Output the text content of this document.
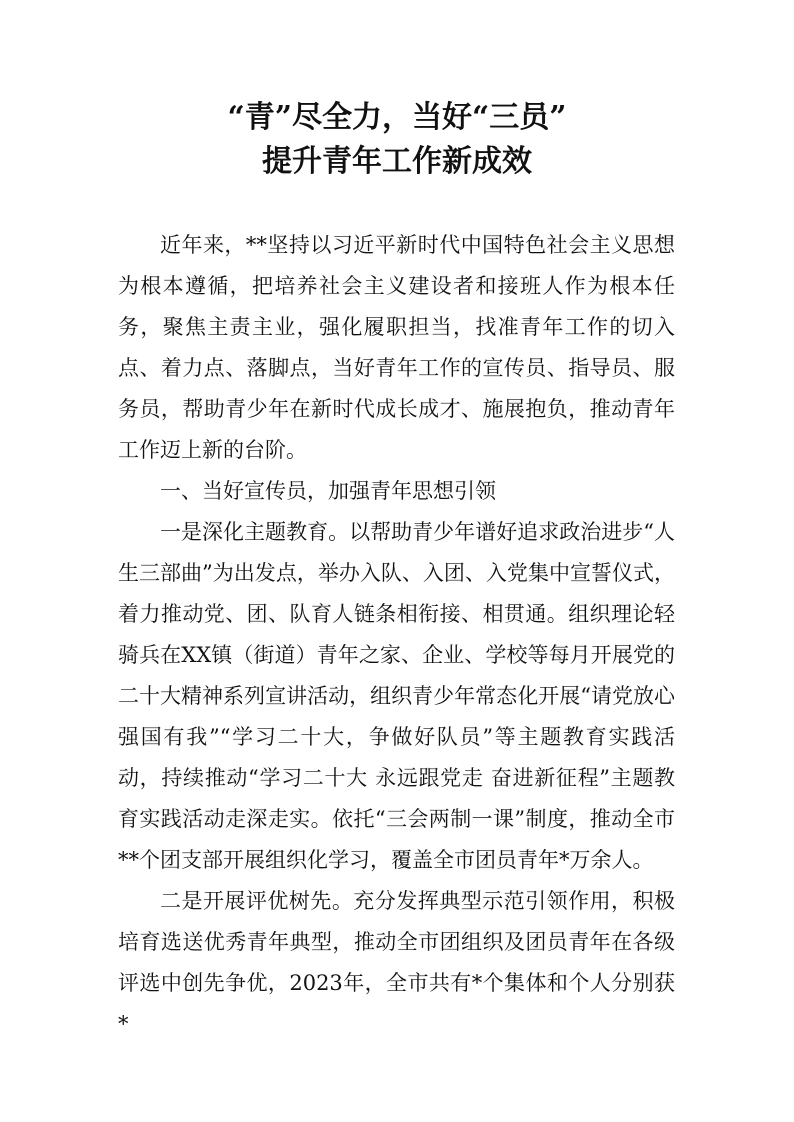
“青”尽全力，当好“三员”
提升青年工作新成效

近年来，**坚持以习近平新时代中国特色社会主义思想为根本遵循，把培养社会主义建设者和接班人作为根本任务，聚焦主责主业，强化履职担当，找准青年工作的切入点、着力点、落脚点，当好青年工作的宣传员、指导员、服务员，帮助青少年在新时代成长成才、施展抱负，推动青年工作迈上新的台阶。

一、当好宣传员，加强青年思想引领

一是深化主题教育。以帮助青少年谱好追求政治进步“人生三部曲”为出发点，举办入队、入团、入党集中宣誓仪式，着力推动党、团、队育人链条相衔接、相贯通。组织理论轻骑兵在XX镇（街道）青年之家、企业、学校等每月开展党的二十大精神系列宣讲活动，组织青少年常态化开展“请党放心 强国有我”“学习二十大，争做好队员”等主题教育实践活动，持续推动“学习二十大 永远跟党走 奋进新征程”主题教育实践活动走深走实。依托“三会两制一课”制度，推动全市**个团支部开展组织化学习，覆盖全市团员青年*万余人。

二是开展评优树先。充分发挥典型示范引领作用，积极培育选送优秀青年典型，推动全市团组织及团员青年在各级评选中创先争优，2023年，全市共有*个集体和个人分别获*
